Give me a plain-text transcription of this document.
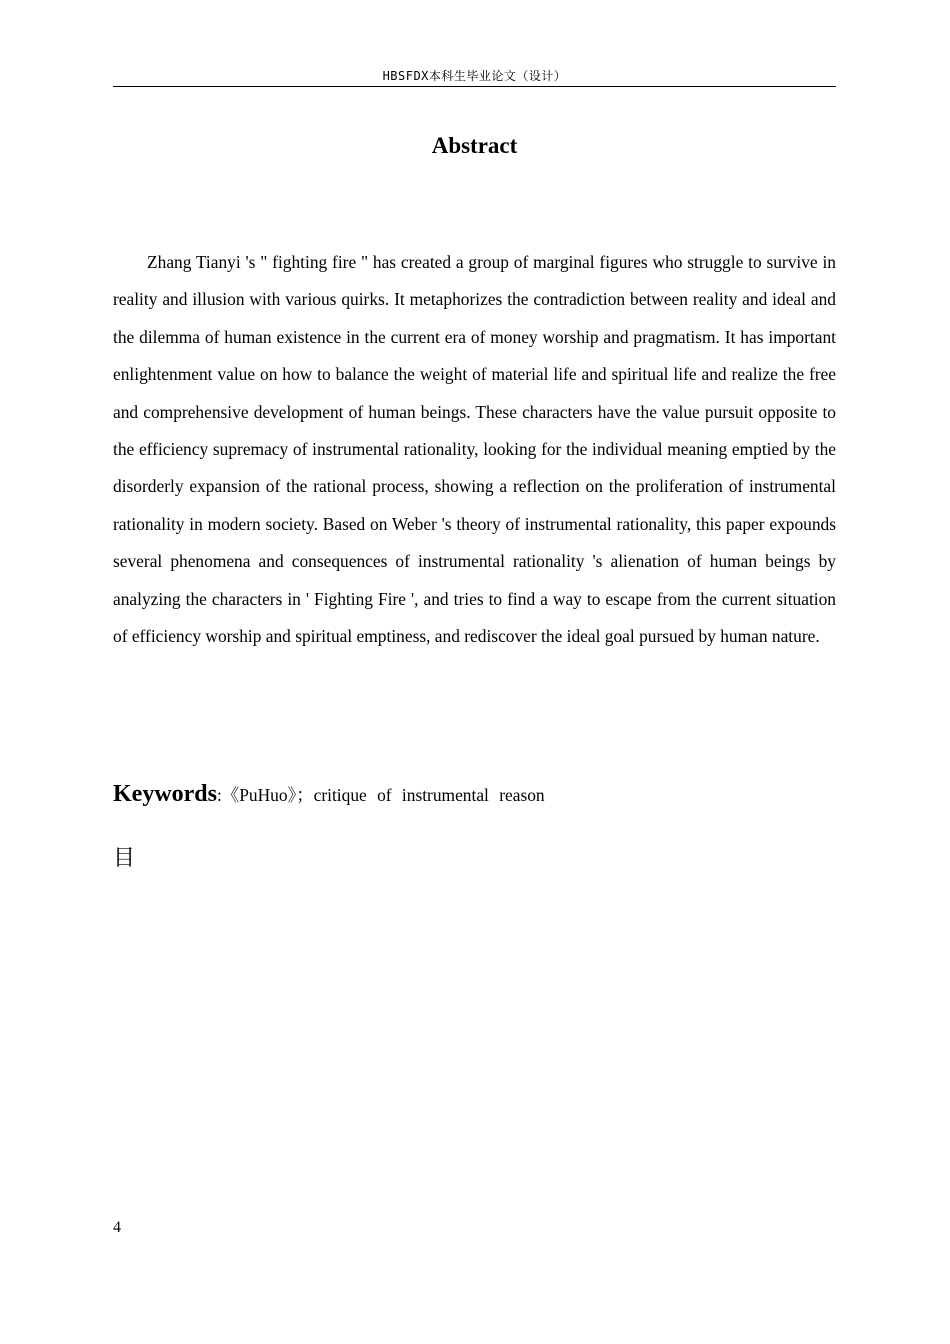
HBSFDX本科生毕业论文（设计）
Abstract

Zhang Tianyi 's " fighting fire " has created a group of marginal figures who struggle to survive in reality and illusion with various quirks. It metaphorizes the contradiction between reality and ideal and the dilemma of human existence in the current era of money worship and pragmatism. It has important enlightenment value on how to balance the weight of material life and spiritual life and realize the free and comprehensive development of human beings. These characters have the value pursuit opposite to the efficiency supremacy of instrumental rationality, looking for the individual meaning emptied by the disorderly expansion of the rational process, showing a reflection on the proliferation of instrumental rationality in modern society. Based on Weber 's theory of instrumental rationality, this paper expounds several phenomena and consequences of instrumental rationality 's alienation of human beings by analyzing the characters in ' Fighting Fire ', and tries to find a way to escape from the current situation of efficiency worship and spiritual emptiness, and rediscover the ideal goal pursued by human nature.

Keywords:《PuHuo》；critique of instrumental reason
目
4
